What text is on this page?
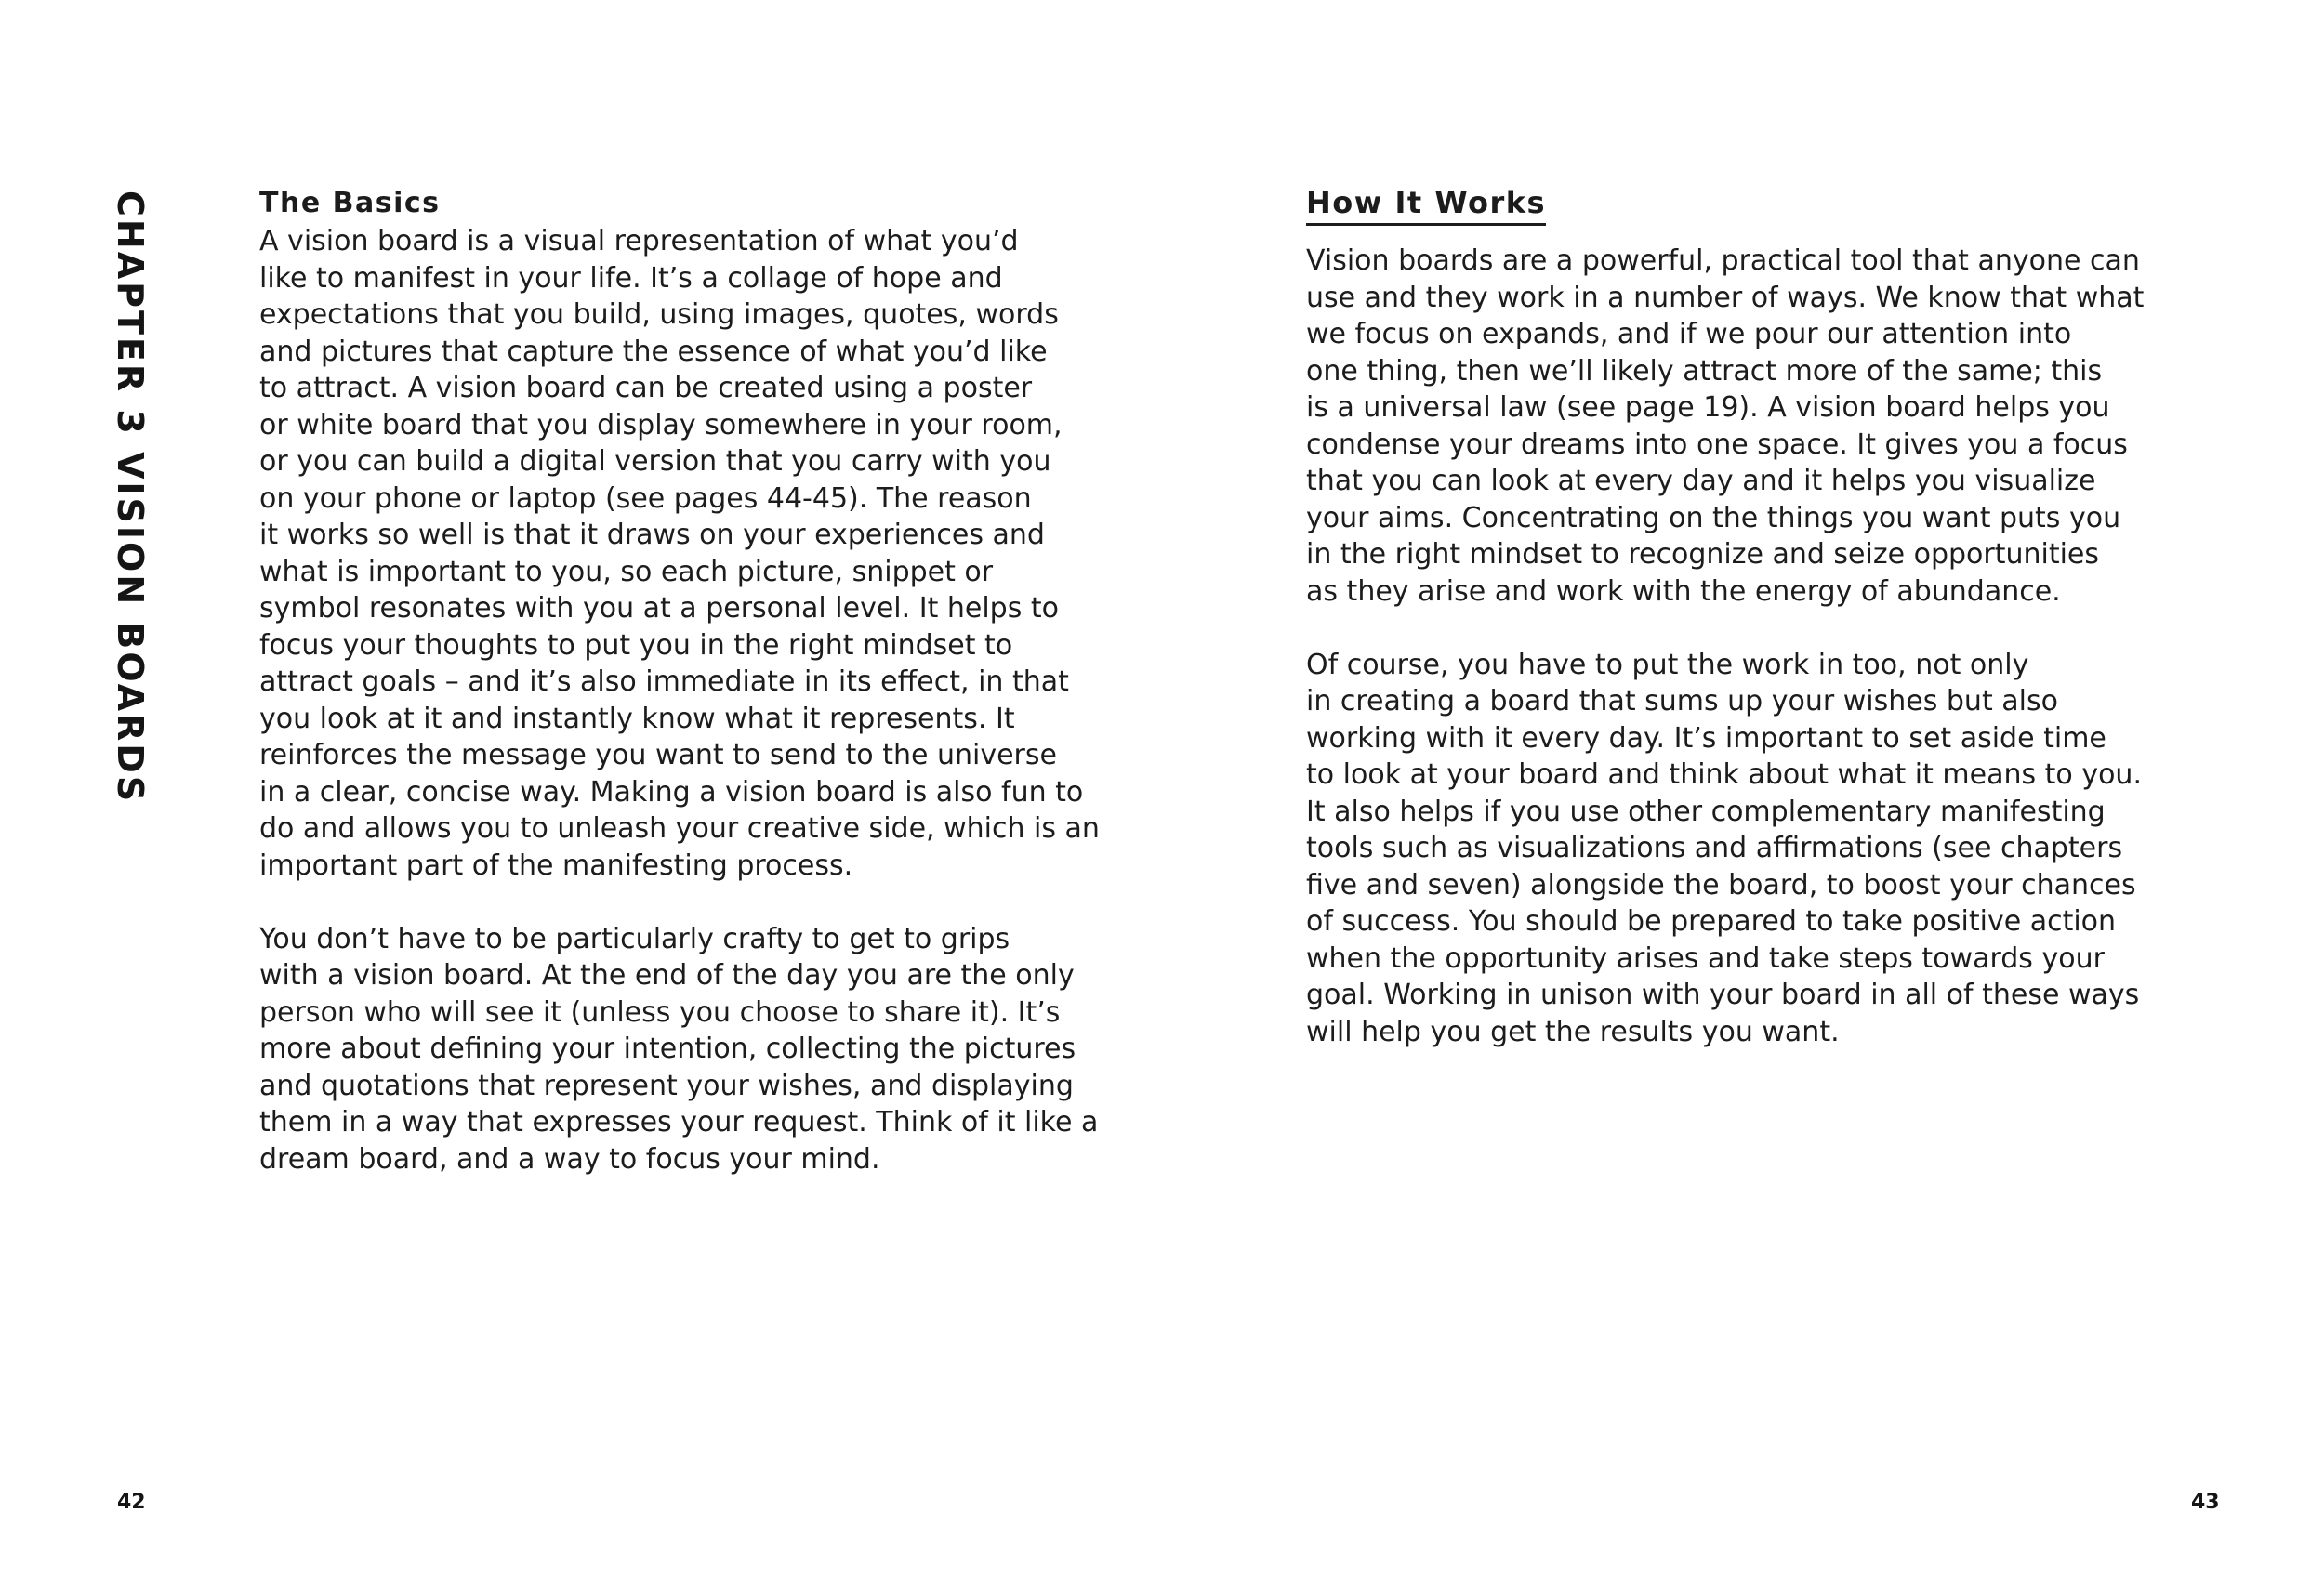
CHAPTER 3 VISION BOARDS	The Basics
A vision board is a visual representation of what you’d
like to manifest in your life. It’s a collage of hope and
expectations that you build, using images, quotes, words
and pictures that capture the essence of what you’d like
to attract. A vision board can be created using a poster
or white board that you display somewhere in your room,
or you can build a digital version that you carry with you
on your phone or laptop (see pages 44-45). The reason
it works so well is that it draws on your experiences and
what is important to you, so each picture, snippet or
symbol resonates with you at a personal level. It helps to
focus your thoughts to put you in the right mindset to
attract goals – and it’s also immediate in its effect, in that
you look at it and instantly know what it represents. It
reinforces the message you want to send to the universe
in a clear, concise way. Making a vision board is also fun to
do and allows you to unleash your creative side, which is an
important part of the manifesting process.
You don’t have to be particularly crafty to get to grips
with a vision board. At the end of the day you are the only
person who will see it (unless you choose to share it). It’s
more about defining your intention, collecting the pictures
and quotations that represent your wishes, and displaying
them in a way that expresses your request. Think of it like a
dream board, and a way to focus your mind.
42
How It Works
Vision boards are a powerful, practical tool that anyone can
use and they work in a number of ways. We know that what
we focus on expands, and if we pour our attention into
one thing, then we’ll likely attract more of the same; this
is a universal law (see page 19). A vision board helps you
condense your dreams into one space. It gives you a focus
that you can look at every day and it helps you visualize
your aims. Concentrating on the things you want puts you
in the right mindset to recognize and seize opportunities
as they arise and work with the energy of abundance.
Of course, you have to put the work in too, not only
in creating a board that sums up your wishes but also
working with it every day. It’s important to set aside time
to look at your board and think about what it means to you.
It also helps if you use other complementary manifesting
tools such as visualizations and affirmations (see chapters
five and seven) alongside the board, to boost your chances
of success. You should be prepared to take positive action
when the opportunity arises and take steps towards your
goal. Working in unison with your board in all of these ways
will help you get the results you want.
43
